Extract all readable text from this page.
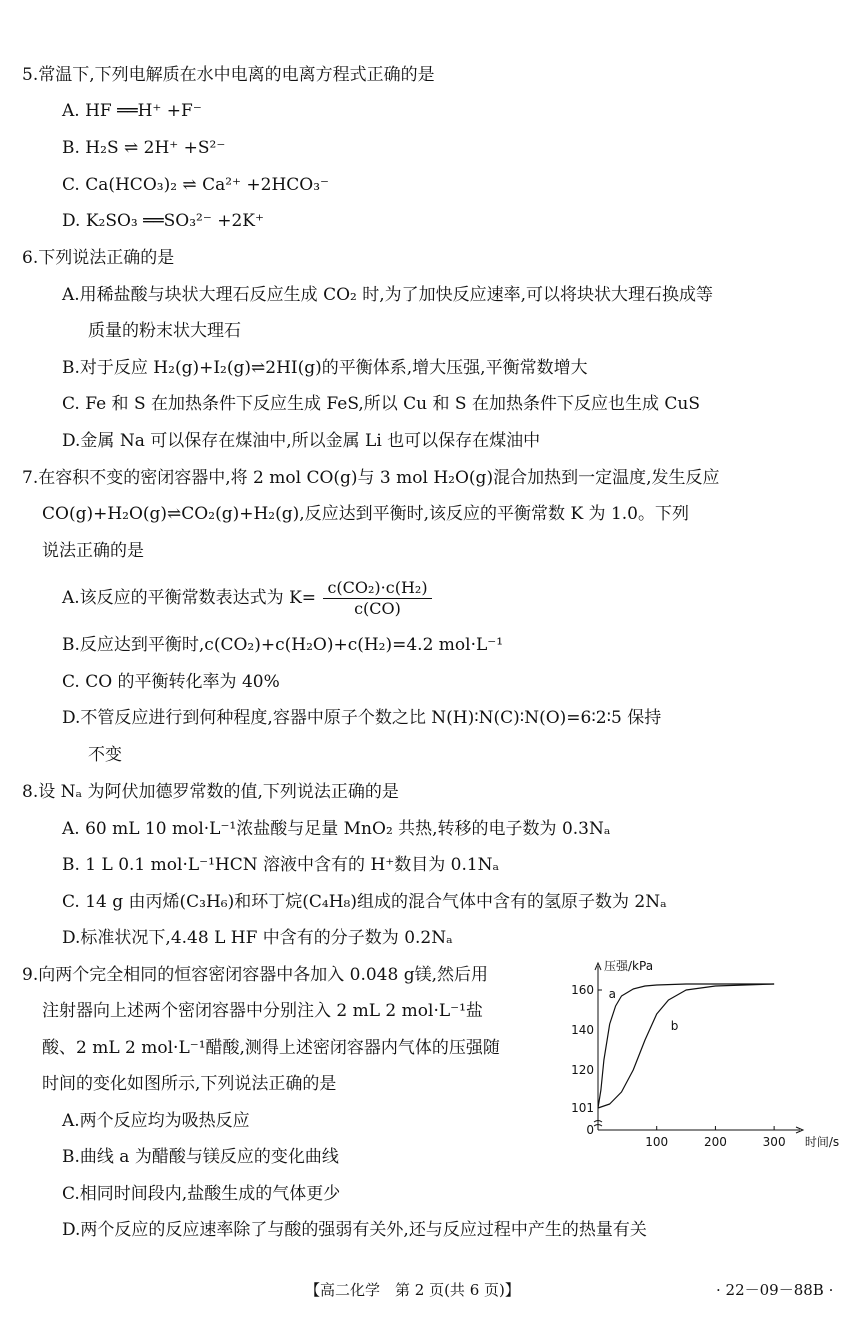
5.常温下,下列电解质在水中电离的电离方程式正确的是
A. HF ══H⁺ +F⁻
B. H₂S ⇌ 2H⁺ +S²⁻
C. Ca(HCO₃)₂ ⇌ Ca²⁺ +2HCO₃⁻
D. K₂SO₃ ══SO₃²⁻ +2K⁺
6.下列说法正确的是
A.用稀盐酸与块状大理石反应生成 CO₂ 时,为了加快反应速率,可以将块状大理石换成等
质量的粉末状大理石
B.对于反应 H₂(g)+I₂(g)⇌2HI(g)的平衡体系,增大压强,平衡常数增大
C. Fe 和 S 在加热条件下反应生成 FeS,所以 Cu 和 S 在加热条件下反应也生成 CuS
D.金属 Na 可以保存在煤油中,所以金属 Li 也可以保存在煤油中
7.在容积不变的密闭容器中,将 2 mol CO(g)与 3 mol H₂O(g)混合加热到一定温度,发生反应
CO(g)+H₂O(g)⇌CO₂(g)+H₂(g),反应达到平衡时,该反应的平衡常数 K 为 1.0。下列
说法正确的是
A.该反应的平衡常数表达式为 $K= \frac{\text{c(CO₂)·c(H₂)}}{c(CO)}$
B.反应达到平衡时,c(CO₂)+c(H₂O)+c(H₂)=4.2 mol·L⁻¹
C. CO 的平衡转化率为 40%
D.不管反应进行到何种程度,容器中原子个数之比 N(H)∶N(C)∶N(O)=6∶2∶5 保持
不变
8.设 Nₐ 为阿伏加德罗常数的值,下列说法正确的是
A. 60 mL 10 mol·L⁻¹浓盐酸与足量 MnO₂ 共热,转移的电子数为 0.3Nₐ
B. 1 L 0.1 mol·L⁻¹HCN 溶液中含有的 H⁺数目为 0.1Nₐ
C. 14 g 由丙烯(C₃H₆)和环丁烷(C₄H₈)组成的混合气体中含有的氢原子数为 2Nₐ
D.标准状况下,4.48 L HF 中含有的分子数为 0.2Nₐ
9.向两个完全相同的恒容密闭容器中各加入 0.048 g镁,然后用
注射器向上述两个密闭容器中分别注入 2 mL 2 mol·L⁻¹盐
酸、2 mL 2 mol·L⁻¹醋酸,测得上述密闭容器内气体的压强随
时间的变化如图所示,下列说法正确的是
A.两个反应均为吸热反应
B.曲线 a 为醋酸与镁反应的变化曲线
C.相同时间段内,盐酸生成的气体更少
D.两个反应的反应速率除了与酸的强弱有关外,还与反应过程中产生的热量有关
压强/kPa
0
101
120
140
160
100	200	300 时间/s
a
b
【高二化学　第 2 页(共 6 页)】	· 22－09－88B ·
